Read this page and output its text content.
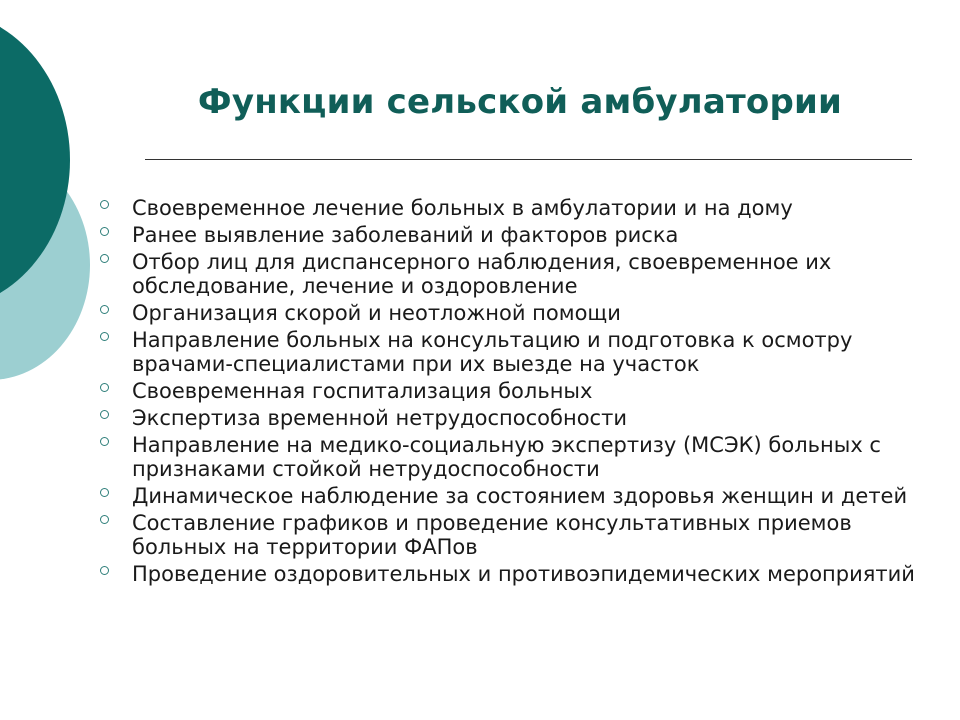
Функции сельской амбулатории
Своевременное лечение больных в амбулатории и на дому
Ранее выявление заболеваний и факторов риска
Отбор лиц для диспансерного наблюдения, своевременное их обследование, лечение и оздоровление
Организация скорой и неотложной помощи
Направление больных на консультацию и подготовка к осмотру врачами-специалистами при их выезде на участок
Своевременная госпитализация больных
Экспертиза временной нетрудоспособности
Направление на медико-социальную экспертизу (МСЭК) больных с признаками стойкой нетрудоспособности
Динамическое наблюдение за состоянием здоровья женщин и детей
Составление графиков и проведение консультативных приемов больных на территории ФАПов
Проведение оздоровительных и противоэпидемических мероприятий
